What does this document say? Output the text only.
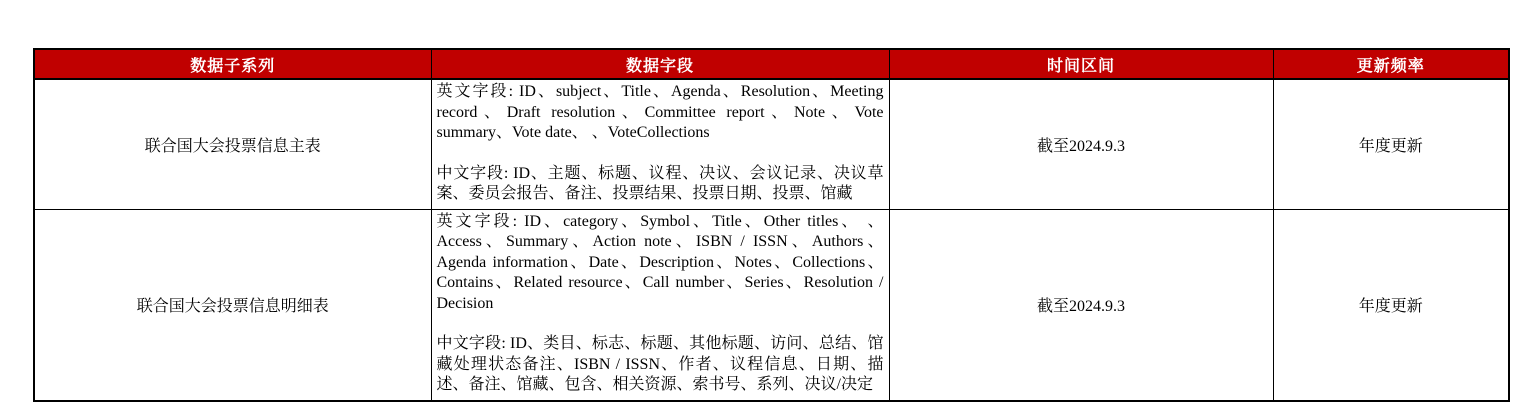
数据子系列	数据字段	时间区间	更新频率
联合国大会投票信息主表	英文字段: ID、subject、Title、Agenda、Resolution、Meeting record、Draft resolution、Committee report、Note、Vote summary、Vote date、 、VoteCollections

中文字段: ID、主题、标题、议程、决议、会议记录、决议草案、委员会报告、备注、投票结果、投票日期、投票、馆藏	截至2024.9.3	年度更新
联合国大会投票信息明细表	英文字段: ID、category、Symbol、Title、Other titles、 、Access、Summary、Action note、ISBN / ISSN、Authors、Agenda information、Date、Description、Notes、Collections、Contains、Related resource、Call number、Series、Resolution / Decision

中文字段: ID、类目、标志、标题、其他标题、访问、总结、馆藏处理状态备注、ISBN / ISSN、作者、议程信息、日期、描述、备注、馆藏、包含、相关资源、索书号、系列、决议/决定	截至2024.9.3	年度更新
